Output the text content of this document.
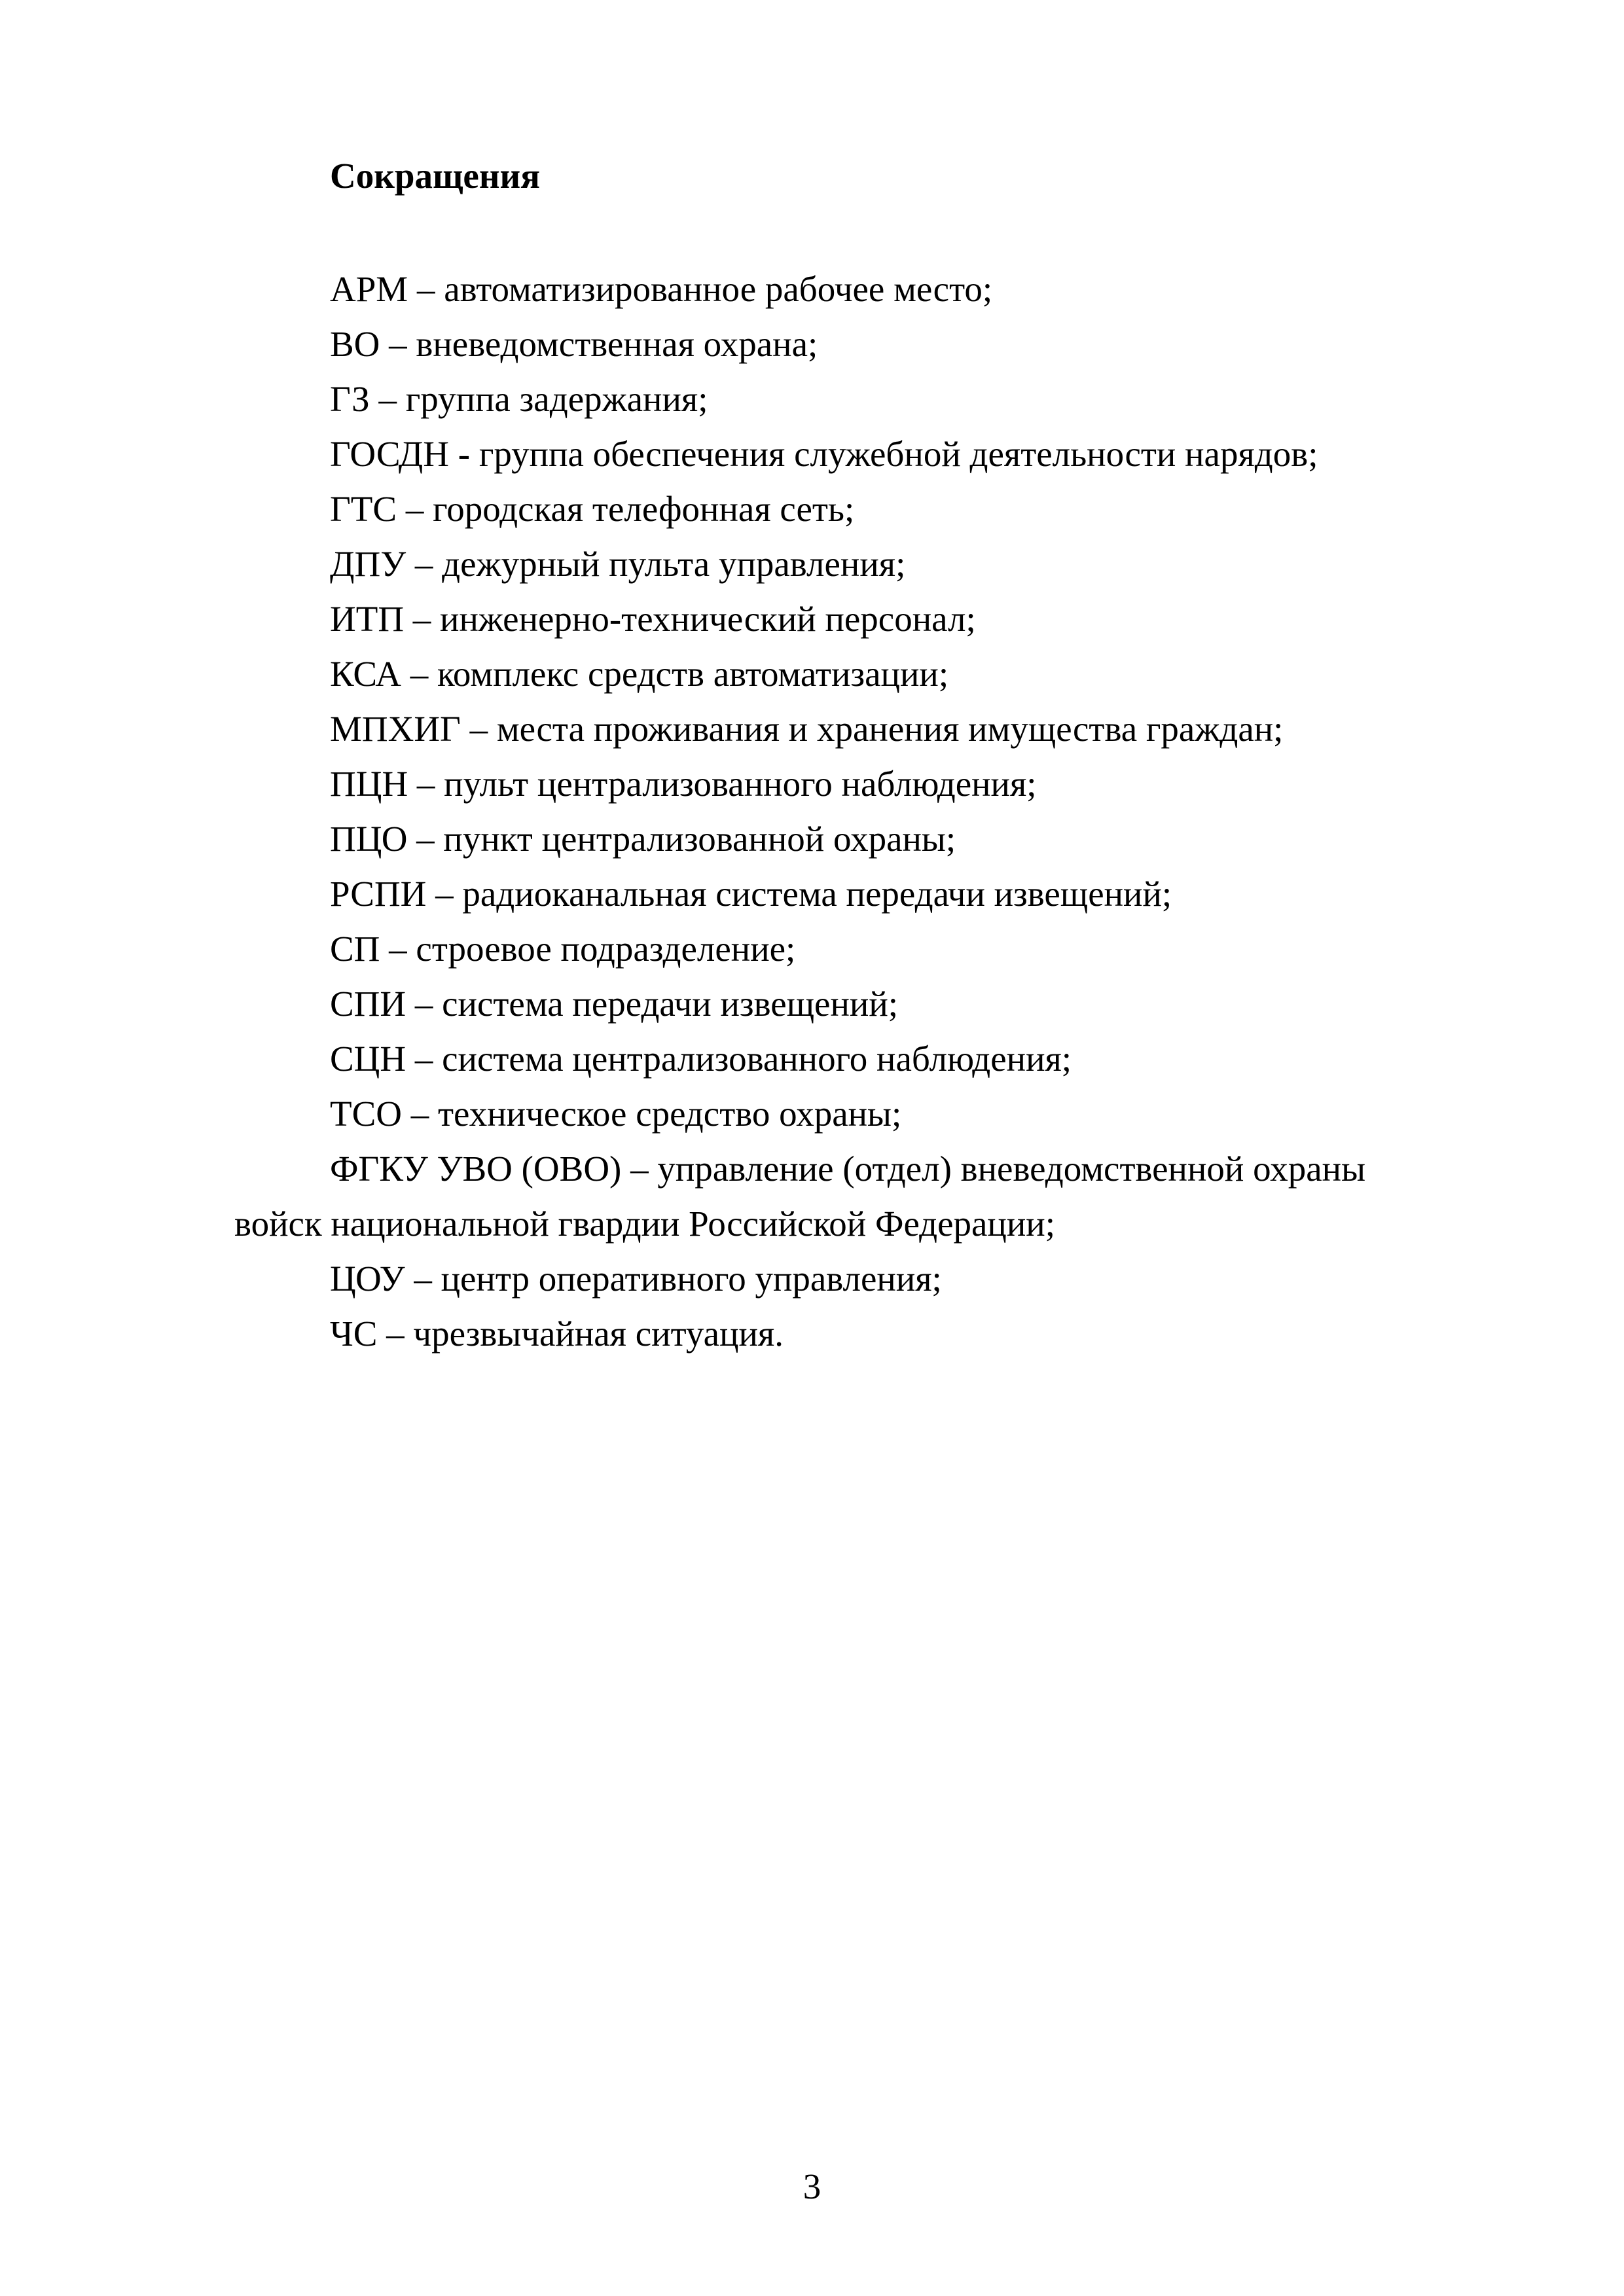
Сокращения
АРМ – автоматизированное рабочее место;
ВО – вневедомственная охрана;
ГЗ – группа задержания;
ГОСДН - группа обеспечения служебной деятельности нарядов;
ГТС – городская телефонная сеть;
ДПУ – дежурный пульта управления;
ИТП – инженерно-технический персонал;
КСА – комплекс средств автоматизации;
МПХИГ – места проживания и хранения имущества граждан;
ПЦН – пульт централизованного наблюдения;
ПЦО – пункт централизованной охраны;
РСПИ – радиоканальная система передачи извещений;
СП – строевое подразделение;
СПИ – система передачи извещений;
СЦН – система централизованного наблюдения;
ТСО – техническое средство охраны;
ФГКУ УВО (ОВО) – управление (отдел) вневедомственной охраны войск национальной гвардии Российской Федерации;
ЦОУ – центр оперативного управления;
ЧС – чрезвычайная ситуация.
3
